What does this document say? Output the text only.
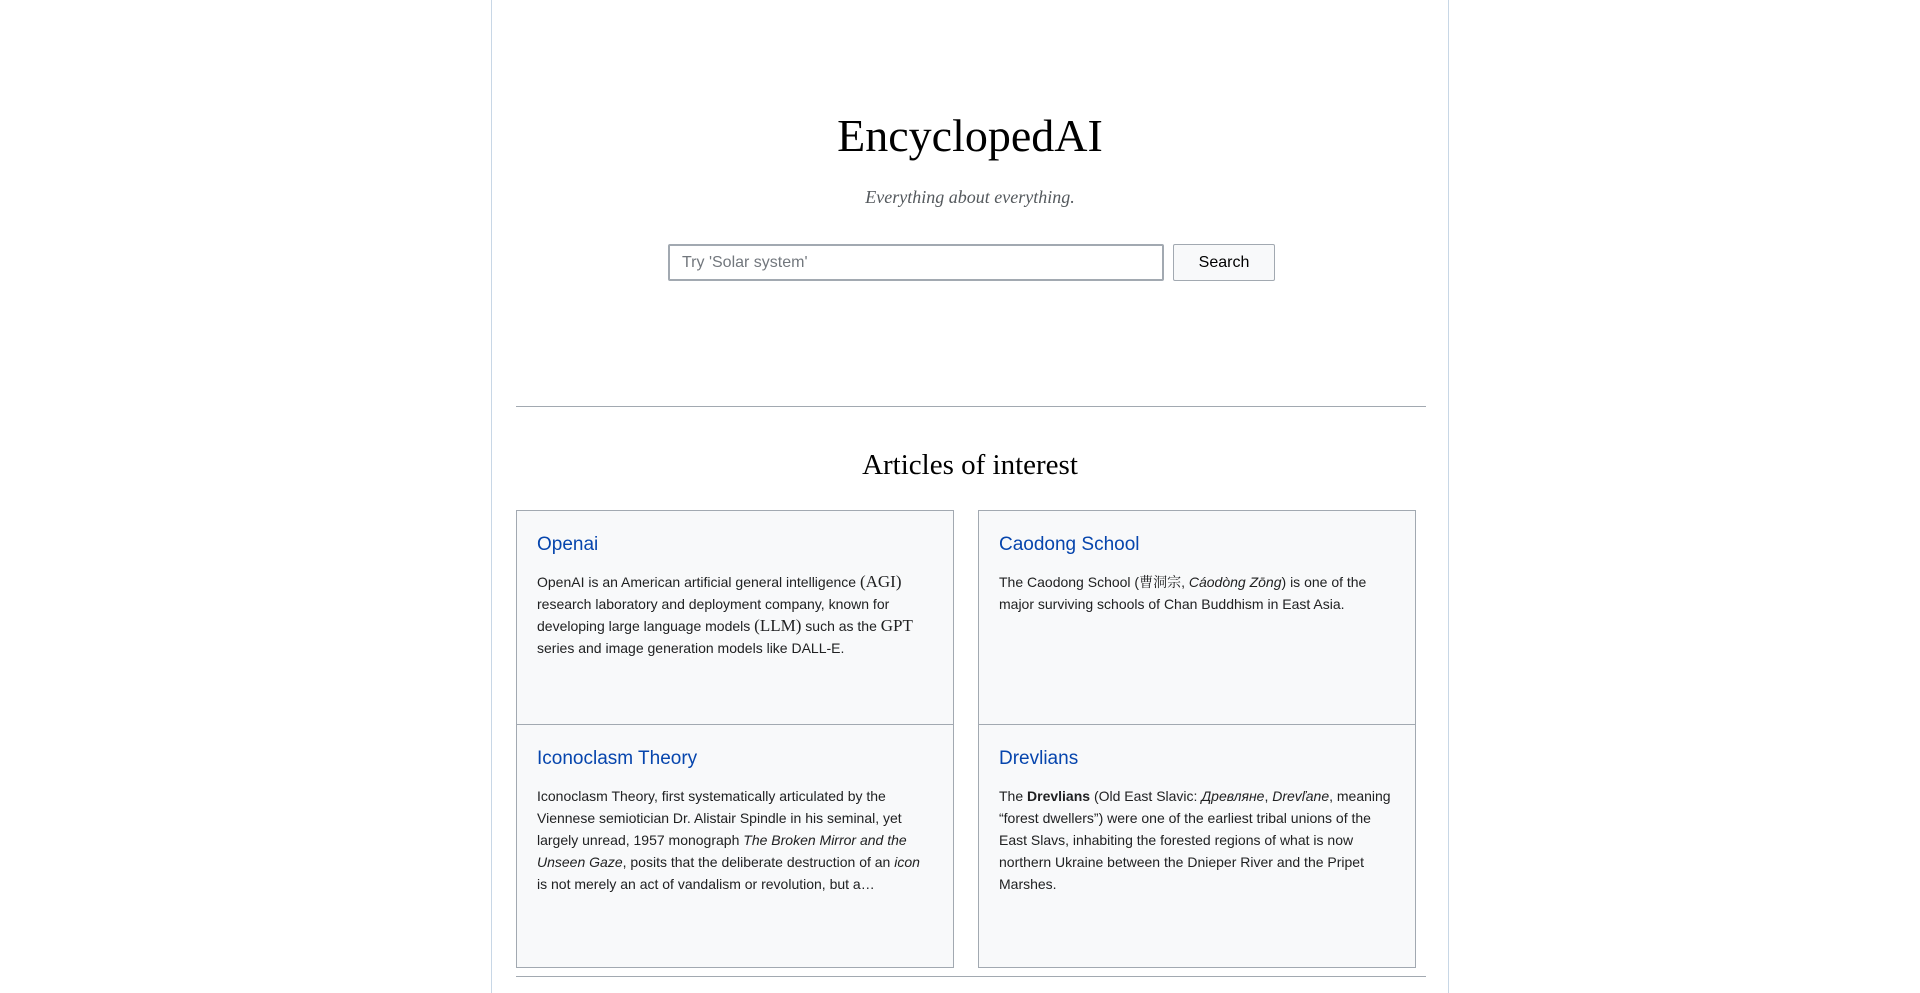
EncyclopedAI
Everything about everything.
Try 'Solar system'
Search
Articles of interest
Openai
OpenAI is an American artificial general intelligence (AGI) research laboratory and deployment company, known for developing large language models (LLM) such as the GPT series and image generation models like DALL-E.
Caodong School
The Caodong School (曹洞宗, Cáodòng Zōng) is one of the major surviving schools of Chan Buddhism in East Asia.
Iconoclasm Theory
Iconoclasm Theory, first systematically articulated by the Viennese semiotician Dr. Alistair Spindle in his seminal, yet largely unread, 1957 monograph The Broken Mirror and the Unseen Gaze, posits that the deliberate destruction of an icon is not merely an act of vandalism or revolution, but a…
Drevlians
The Drevlians (Old East Slavic: Древляне, Drevľane, meaning “forest dwellers”) were one of the earliest tribal unions of the East Slavs, inhabiting the forested regions of what is now northern Ukraine between the Dnieper River and the Pripet Marshes.
